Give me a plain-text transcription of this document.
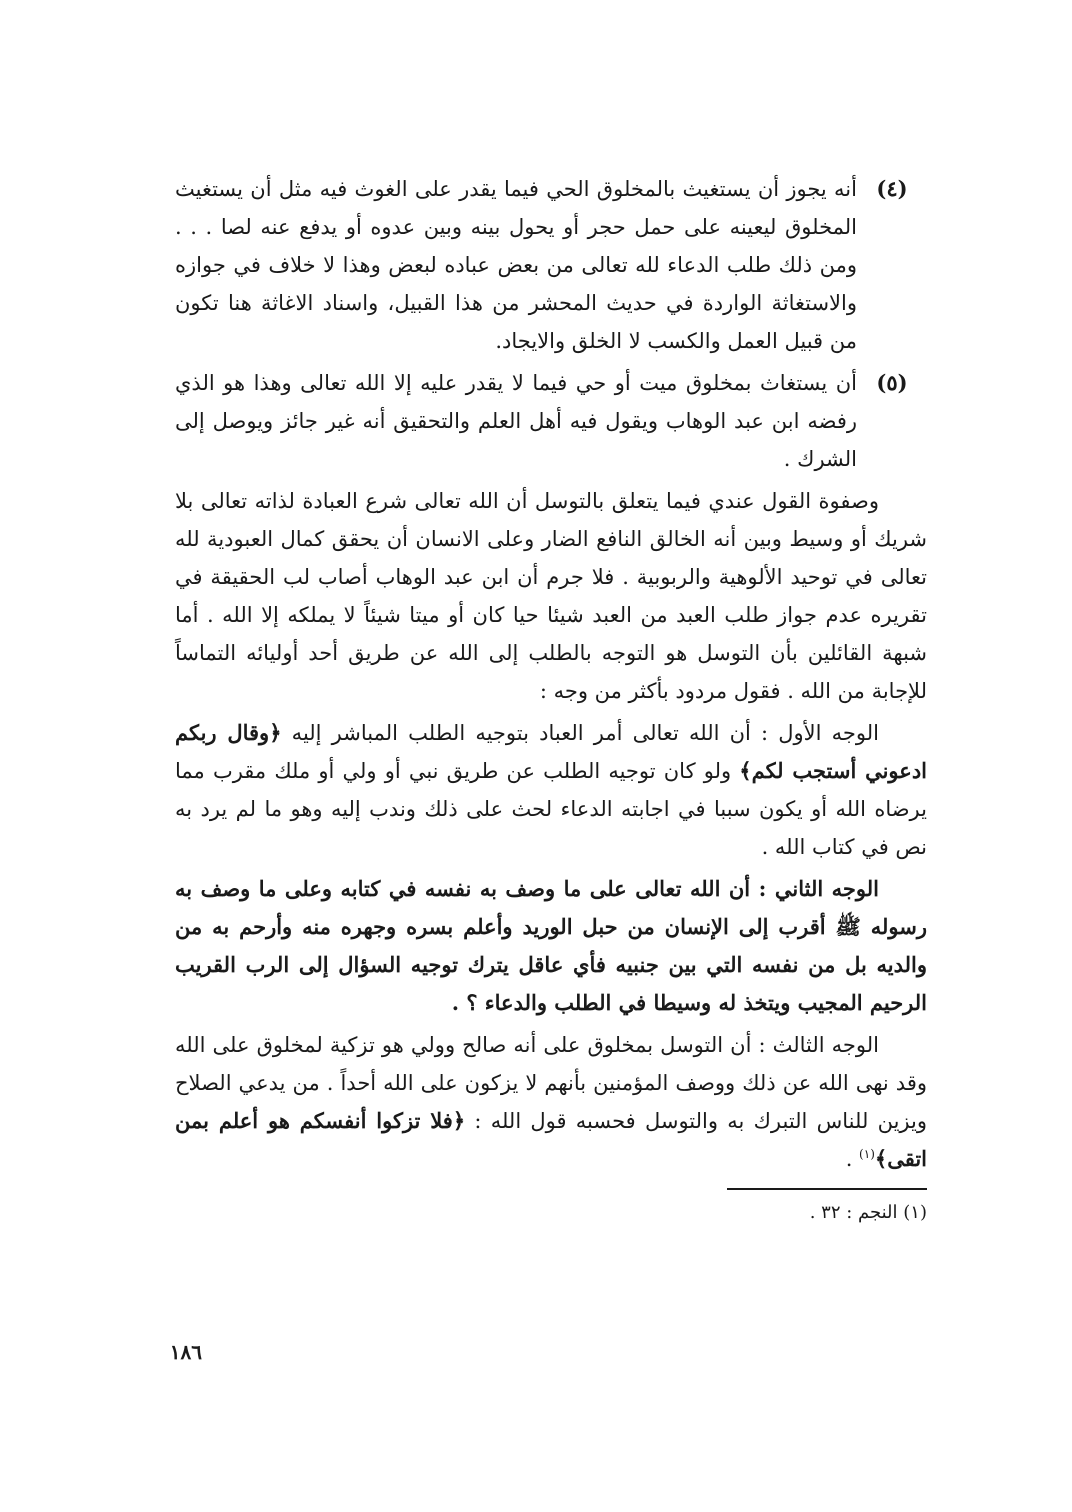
(٤)
أنه يجوز أن يستغيث بالمخلوق الحي فيما يقدر على الغوث فيه مثل أن يستغيث المخلوق ليعينه على حمل حجر أو يحول بينه وبين عدوه أو يدفع عنه لصا . . . ومن ذلك طلب الدعاء لله تعالى من بعض عباده لبعض وهذا لا خلاف في جوازه والاستغاثة الواردة في حديث المحشر من هذا القبيل، واسناد الاغاثة هنا تكون من قبيل العمل والكسب لا الخلق والايجاد.
(٥)
أن يستغاث بمخلوق ميت أو حي فيما لا يقدر عليه إلا الله تعالى وهذا هو الذي رفضه ابن عبد الوهاب ويقول فيه أهل العلم والتحقيق أنه غير جائز ويوصل إلى الشرك .

وصفوة القول عندي فيما يتعلق بالتوسل أن الله تعالى شرع العبادة لذاته تعالى بلا شريك أو وسيط وبين أنه الخالق النافع الضار وعلى الانسان أن يحقق كمال العبودية لله تعالى في توحيد الألوهية والربوبية . فلا جرم أن ابن عبد الوهاب أصاب لب الحقيقة في تقريره عدم جواز طلب العبد من العبد شيئا حيا كان أو ميتا شيئاً لا يملكه إلا الله . أما شبهة القائلين بأن التوسل هو التوجه بالطلب إلى الله عن طريق أحد أوليائه التماساً للإجابة من الله . فقول مردود بأكثر من وجه :

الوجه الأول : أن الله تعالى أمر العباد بتوجيه الطلب المباشر إليه ﴿وقال ربكم ادعوني أستجب لكم﴾ ولو كان توجيه الطلب عن طريق نبي أو ولي أو ملك مقرب مما يرضاه الله أو يكون سببا في اجابته الدعاء لحث على ذلك وندب إليه وهو ما لم يرد به نص في كتاب الله .

الوجه الثاني : أن الله تعالى على ما وصف به نفسه في كتابه وعلى ما وصف به رسوله ﷺ أقرب إلى الإنسان من حبل الوريد وأعلم بسره وجهره منه وأرحم به من والديه بل من نفسه التي بين جنبيه فأي عاقل يترك توجيه السؤال إلى الرب القريب الرحيم المجيب ويتخذ له وسيطا في الطلب والدعاء ؟ .

الوجه الثالث : أن التوسل بمخلوق على أنه صالح وولي هو تزكية لمخلوق على الله وقد نهى الله عن ذلك ووصف المؤمنين بأنهم لا يزكون على الله أحداً . من يدعي الصلاح ويزين للناس التبرك به والتوسل فحسبه قول الله : ﴿فلا تزكوا أنفسكم هو أعلم بمن اتقى﴾$^{(١)}$ .

(١) النجم : ٣٢ .
١٨٦
